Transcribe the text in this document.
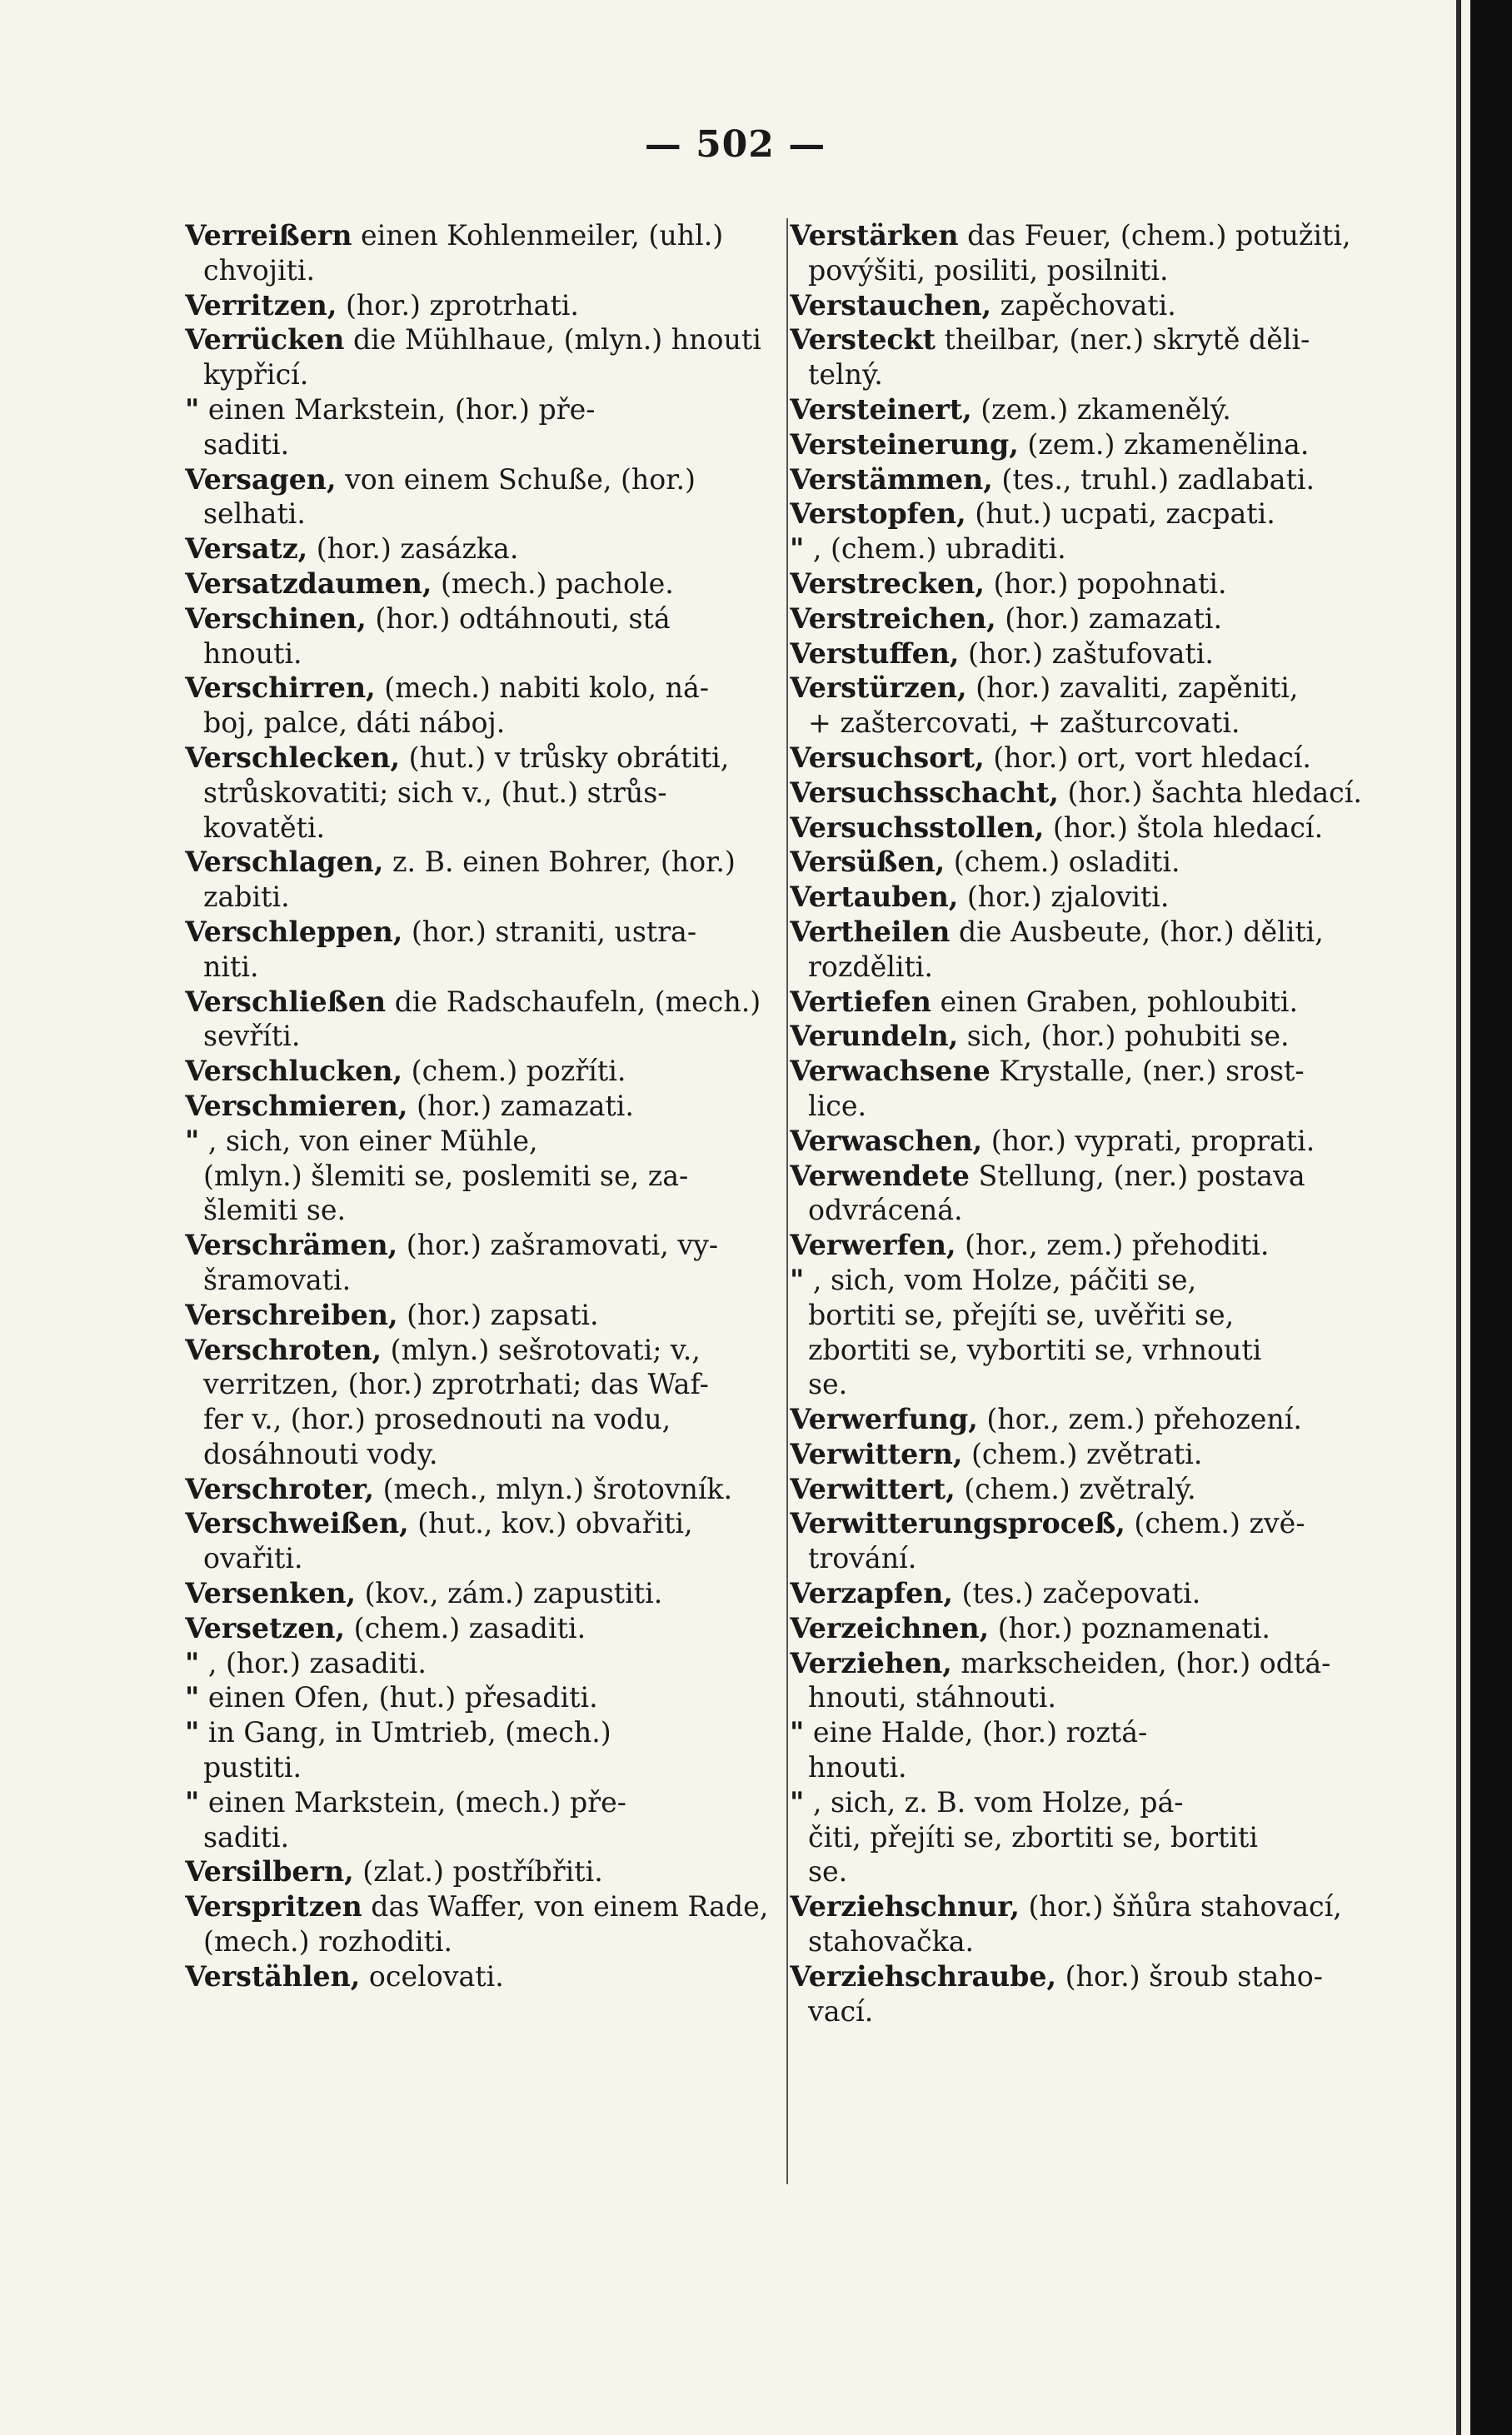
— 502 —
Verreißern einen Kohlenmeiler, (uhl.)
chvojiti.
Verritzen, (hor.) zprotrhati.
Verrücken die Mühlhaue, (mlyn.) hnouti
kypřicí.
" einen Markstein, (hor.) pře-
saditi.
Versagen, von einem Schuße, (hor.)
selhati.
Versatz, (hor.) zasázka.
Versatzdaumen, (mech.) pachole.
Verschinen, (hor.) odtáhnouti, stá
hnouti.
Verschirren, (mech.) nabiti kolo, ná-
boj, palce, dáti náboj.
Verschlecken, (hut.) v trůsky obrátiti,
strůskovatiti; sich v., (hut.) strůs-
kovatěti.
Verschlagen, z. B. einen Bohrer, (hor.)
zabiti.
Verschleppen, (hor.) straniti, ustra-
niti.
Verschließen die Radschaufeln, (mech.)
sevříti.
Verschlucken, (chem.) pozříti.
Verschmieren, (hor.) zamazati.
" , sich, von einer Mühle,
(mlyn.) šlemiti se, poslemiti se, za-
šlemiti se.
Verschrämen, (hor.) zašramovati, vy-
šramovati.
Verschreiben, (hor.) zapsati.
Verschroten, (mlyn.) sešrotovati; v.,
verritzen, (hor.) zprotrhati; das Waf-
fer v., (hor.) prosednouti na vodu,
dosáhnouti vody.
Verschroter, (mech., mlyn.) šrotovník.
Verschweißen, (hut., kov.) obvařiti,
ovařiti.
Versenken, (kov., zám.) zapustiti.
Versetzen, (chem.) zasaditi.
" , (hor.) zasaditi.
" einen Ofen, (hut.) přesaditi.
" in Gang, in Umtrieb, (mech.)
pustiti.
" einen Markstein, (mech.) pře-
saditi.
Versilbern, (zlat.) postříbřiti.
Verspritzen das Waffer, von einem Rade,
(mech.) rozhoditi.
Verstählen, ocelovati.
Verstärken das Feuer, (chem.) potužiti,
povýšiti, posiliti, posilniti.
Verstauchen, zapěchovati.
Versteckt theilbar, (ner.) skrytě děli-
telný.
Versteinert, (zem.) zkamenělý.
Versteinerung, (zem.) zkamenělina.
Verstämmen, (tes., truhl.) zadlabati.
Verstopfen, (hut.) ucpati, zacpati.
" , (chem.) ubraditi.
Verstrecken, (hor.) popohnati.
Verstreichen, (hor.) zamazati.
Verstuffen, (hor.) zaštufovati.
Verstürzen, (hor.) zavaliti, zapěniti,
+ zaštercovati, + zašturcovati.
Versuchsort, (hor.) ort, vort hledací.
Versuchsschacht, (hor.) šachta hledací.
Versuchsstollen, (hor.) štola hledací.
Versüßen, (chem.) osladiti.
Vertauben, (hor.) zjaloviti.
Vertheilen die Ausbeute, (hor.) děliti,
rozděliti.
Vertiefen einen Graben, pohloubiti.
Verundeln, sich, (hor.) pohubiti se.
Verwachsene Krystalle, (ner.) srost-
lice.
Verwaschen, (hor.) vyprati, proprati.
Verwendete Stellung, (ner.) postava
odvrácená.
Verwerfen, (hor., zem.) přehoditi.
" , sich, vom Holze, páčiti se,
bortiti se, přejíti se, uvěřiti se,
zbortiti se, vybortiti se, vrhnouti
se.
Verwerfung, (hor., zem.) přehození.
Verwittern, (chem.) zvětrati.
Verwittert, (chem.) zvětralý.
Verwitterungsproceß, (chem.) zvě-
trování.
Verzapfen, (tes.) začepovati.
Verzeichnen, (hor.) poznamenati.
Verziehen, markscheiden, (hor.) odtá-
hnouti, stáhnouti.
" eine Halde, (hor.) roztá-
hnouti.
" , sich, z. B. vom Holze, pá-
čiti, přejíti se, zbortiti se, bortiti
se.
Verziehschnur, (hor.) šňůra stahovací,
stahovačka.
Verziehschraube, (hor.) šroub staho-
vací.
